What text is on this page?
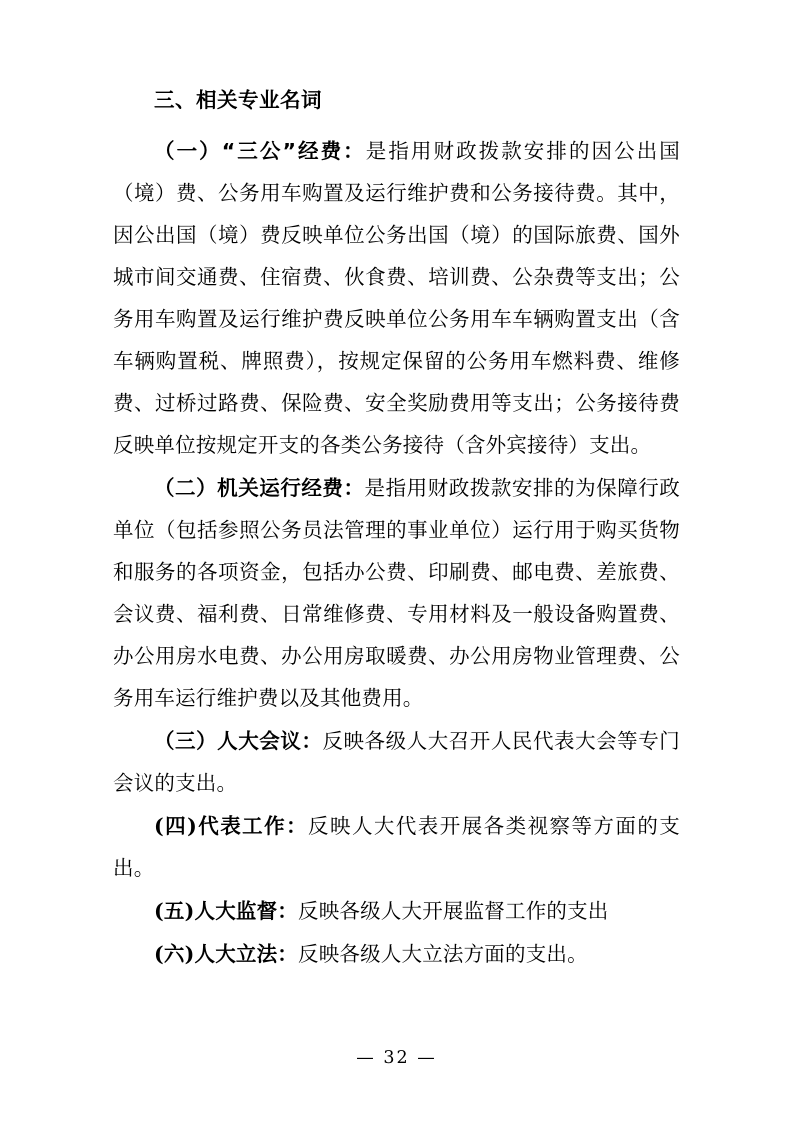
三、相关专业名词

（一）“三公”经费：是指用财政拨款安排的因公出国（境）费、公务用车购置及运行维护费和公务接待费。其中，因公出国（境）费反映单位公务出国（境）的国际旅费、国外城市间交通费、住宿费、伙食费、培训费、公杂费等支出；公务用车购置及运行维护费反映单位公务用车车辆购置支出（含车辆购置税、牌照费），按规定保留的公务用车燃料费、维修费、过桥过路费、保险费、安全奖励费用等支出；公务接待费反映单位按规定开支的各类公务接待（含外宾接待）支出。

（二）机关运行经费：是指用财政拨款安排的为保障行政单位（包括参照公务员法管理的事业单位）运行用于购买货物和服务的各项资金，包括办公费、印刷费、邮电费、差旅费、会议费、福利费、日常维修费、专用材料及一般设备购置费、办公用房水电费、办公用房取暖费、办公用房物业管理费、公务用车运行维护费以及其他费用。

（三）人大会议：反映各级人大召开人民代表大会等专门会议的支出。

(四)代表工作：反映人大代表开展各类视察等方面的支出。

(五)人大监督：反映各级人大开展监督工作的支出

(六)人大立法：反映各级人大立法方面的支出。

— 32 —
